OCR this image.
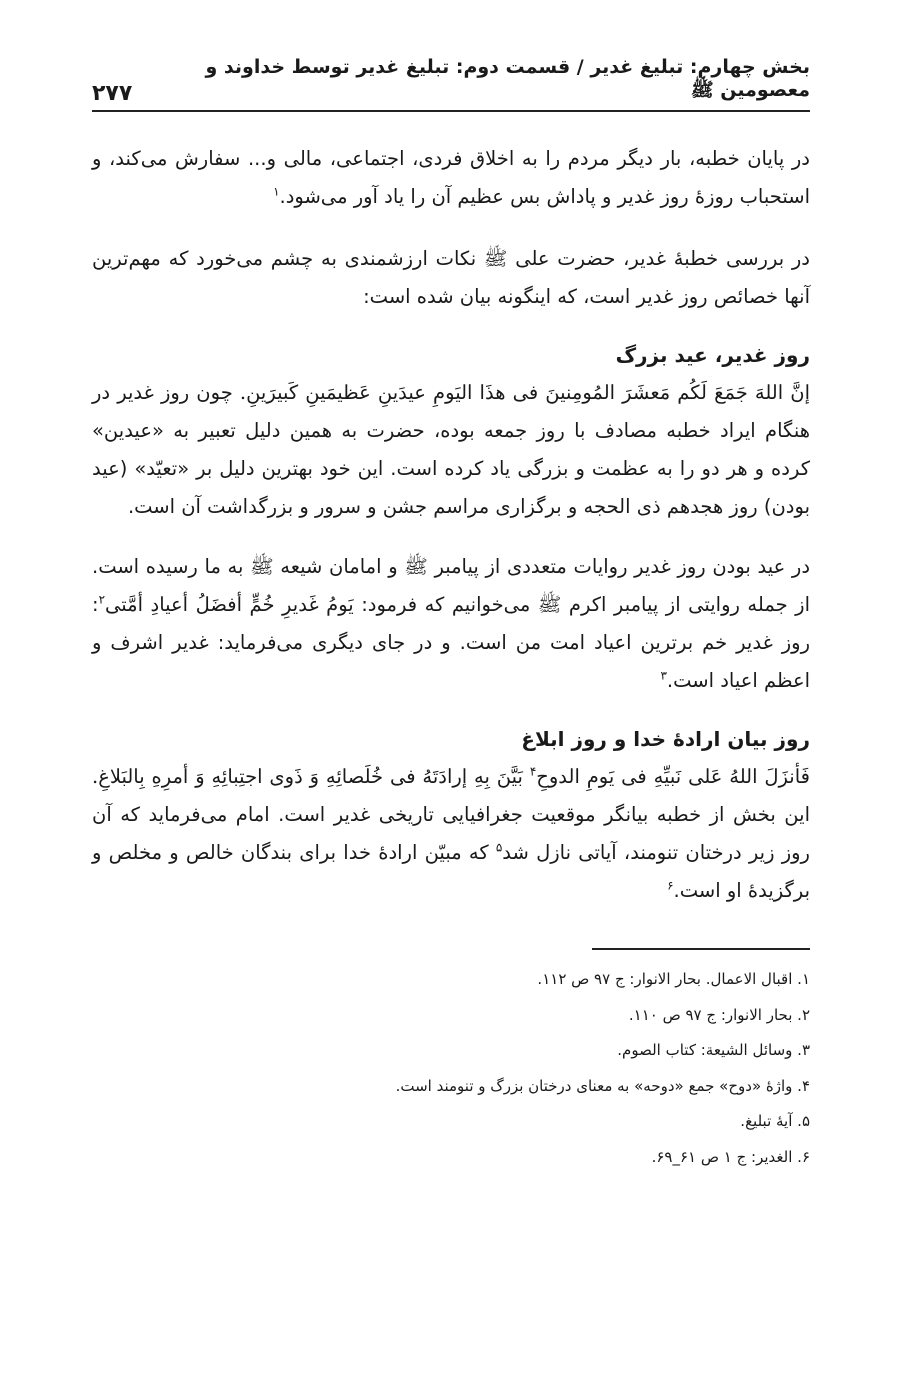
بخش چهارم: تبلیغ غدیر / قسمت دوم: تبلیغ غدیر توسط خداوند و معصومین ﷺ
۲۷۷

در پایان خطبه، بار دیگر مردم را به اخلاق فردی، اجتماعی، مالی و... سفارش می‌کند، و استحباب روزهٔ روز غدیر و پاداش بس عظیم آن را یاد آور می‌شود.$^۱$

در بررسی خطبهٔ غدیر، حضرت علی ﷺ نکات ارزشمندی به چشم می‌خورد که مهم‌ترین آنها خصائص روز غدیر است، که اینگونه بیان شده است:

روز غدیر، عید بزرگ

إنَّ اللهَ جَمَعَ لَکُم مَعشَرَ المُومِنینَ فی هذَا الیَومِ عیدَینِ عَظیمَینِ کَبیرَینِ. چون روز غدیر در هنگام ایراد خطبه مصادف با روز جمعه بوده، حضرت به همین دلیل تعبیر به «عیدین» کرده و هر دو را به عظمت و بزرگی یاد کرده است. این خود بهترین دلیل بر «تعیّد» (عید بودن) روز هجدهم ذی الحجه و برگزاری مراسم جشن و سرور و بزرگداشت آن است.

در عید بودن روز غدیر روایات متعددی از پیامبر ﷺ و امامان شیعه ﷺ به ما رسیده است. از جمله روایتی از پیامبر اکرم ﷺ می‌خوانیم که فرمود: یَومُ غَدیرِ خُمٍّ أفضَلُ أعیادِ أمَّتی$^۲$: روز غدیر خم برترین اعیاد امت من است. و در جای دیگری می‌فرماید: غدیر اشرف و اعظم اعیاد است.$^۳$

روز بیان ارادهٔ خدا و روز ابلاغ

فَأنزَلَ اللهُ عَلی نَبیِّهِ فی یَومِ الدوحِ$^۴$ بَیَّنَ بِهِ إرادَتَهُ فی خُلَصائِهِ وَ ذَوی اجتِبائِهِ وَ أمرِهِ بِالبَلاغِ. این بخش از خطبه بیانگر موقعیت جغرافیایی تاریخی غدیر است. امام می‌فرماید که آن روز زیر درختان تنومند، آیاتی نازل شد$^۵$ که مبیّن ارادهٔ خدا برای بندگان خالص و مخلص و برگزیدهٔ او است.$^۶$

۱. اقبال الاعمال. بحار الانوار: ج ۹۷ ص ۱۱۲.

۲. بحار الانوار: ج ۹۷ ص ۱۱۰.

۳. وسائل الشیعة: کتاب الصوم.

۴. واژهٔ «دوح» جمع «دوحه» به معنای درختان بزرگ و تنومند است.

۵. آیهٔ تبلیغ.

۶. الغدیر: ج ۱ ص ۶۱_۶۹.
